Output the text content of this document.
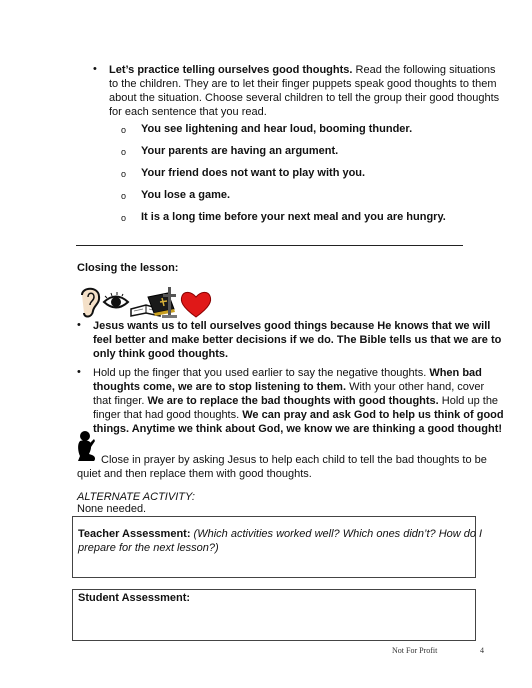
• Let’s practice telling ourselves good thoughts. Read the following situations
to the children. They are to let their finger puppets speak good thoughts to them
about the situation. Choose several children to tell the group their good thoughts
for each sentence that you read.
o You see lightening and hear loud, booming thunder.
o Your parents are having an argument.
o Your friend does not want to play with you.
o You lose a game.
o It is a long time before your next meal and you are hungry.
Closing the lesson:
• Jesus wants us to tell ourselves good things because He knows that we will
feel better and make better decisions if we do. The Bible tells us that we are to
only think good thoughts.
• Hold up the finger that you used earlier to say the negative thoughts. When bad
thoughts come, we are to stop listening to them. With your other hand, cover
that finger. We are to replace the bad thoughts with good thoughts. Hold up the
finger that had good thoughts. We can pray and ask God to help us think of good
things. Anytime we think about God, we know we are thinking a good thought!
Close in prayer by asking Jesus to help each child to tell the bad thoughts to be
quiet and then replace them with good thoughts.
ALTERNATE ACTIVITY:
None needed.
Teacher Assessment: (Which activities worked well? Which ones didn’t? How do I
prepare for the next lesson?)
Student Assessment:
Not For Profit	4
